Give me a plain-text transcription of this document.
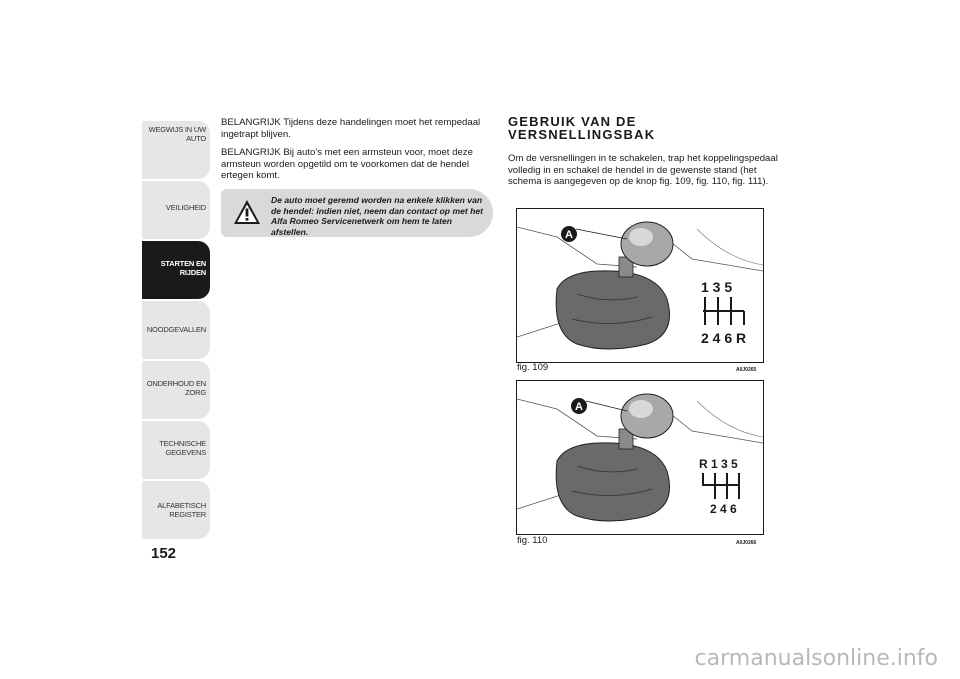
WEGWIJS IN UW
AUTO
VEILIGHEID
STARTEN EN
RIJDEN
NOODGEVALLEN
ONDERHOUD EN
ZORG
TECHNISCHE
GEGEVENS
ALFABETISCH
REGISTER
152

BELANGRIJK Tijdens deze handelingen moet het rempedaal ingetrapt blijven.

BELANGRIJK Bij auto's met een armsteun voor, moet deze armsteun worden opgetild om te voorkomen dat de hendel ertegen komt.

De auto moet geremd worden na enkele klikken van de hendel: indien niet, neem dan contact op met het Alfa Romeo Servicenetwerk om hem te laten afstellen.
GEBRUIK VAN DE
VERSNELLINGSBAK
Om de versnellingen in te schakelen, trap het koppelingspedaal volledig in en schakel de hendel in de gewenste stand (het schema is aangegeven op de knop fig. 109, fig. 110, fig. 111).
A
1 3 5
2 4 6 R
fig. 109	A0J0265
A
R 1 3 5
2 4 6
fig. 110	A0J0266
carmanualsonline.info
